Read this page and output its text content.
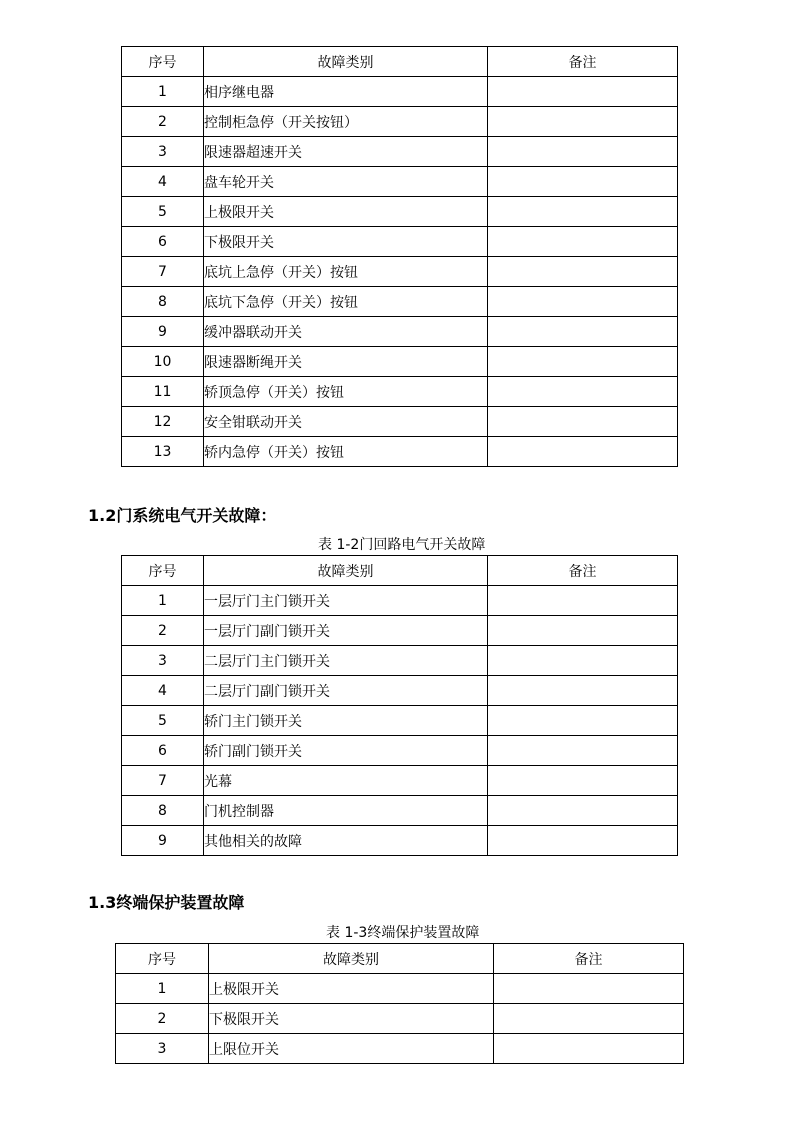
序号	故障类别	备注
1	相序继电器	
2	控制柜急停（开关按钮）	
3	限速器超速开关	
4	盘车轮开关	
5	上极限开关	
6	下极限开关	
7	底坑上急停（开关）按钮	
8	底坑下急停（开关）按钮	
9	缓冲器联动开关	
10	限速器断绳开关	
11	轿顶急停（开关）按钮	
12	安全钳联动开关	
13	轿内急停（开关）按钮	
1.2门系统电气开关故障：
表 1-2门回路电气开关故障
序号	故障类别	备注
1	一层厅门主门锁开关	
2	一层厅门副门锁开关	
3	二层厅门主门锁开关	
4	二层厅门副门锁开关	
5	轿门主门锁开关	
6	轿门副门锁开关	
7	光幕	
8	门机控制器	
9	其他相关的故障	
1.3终端保护装置故障
表 1-3终端保护装置故障
序号	故障类别	备注
1	上极限开关	
2	下极限开关	
3	上限位开关	
